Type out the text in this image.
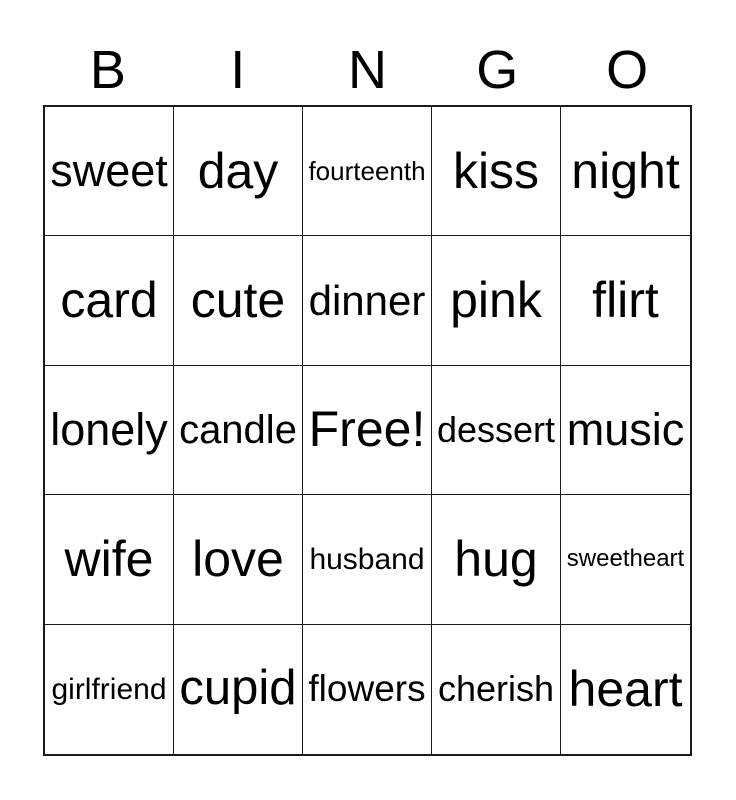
B	I	N	G	O
sweet day fourteenth kiss night
card cute dinner pink flirt
lonely candle Free! dessert music
wife love husband hug sweetheart
girlfriend cupid flowers cherish heart
